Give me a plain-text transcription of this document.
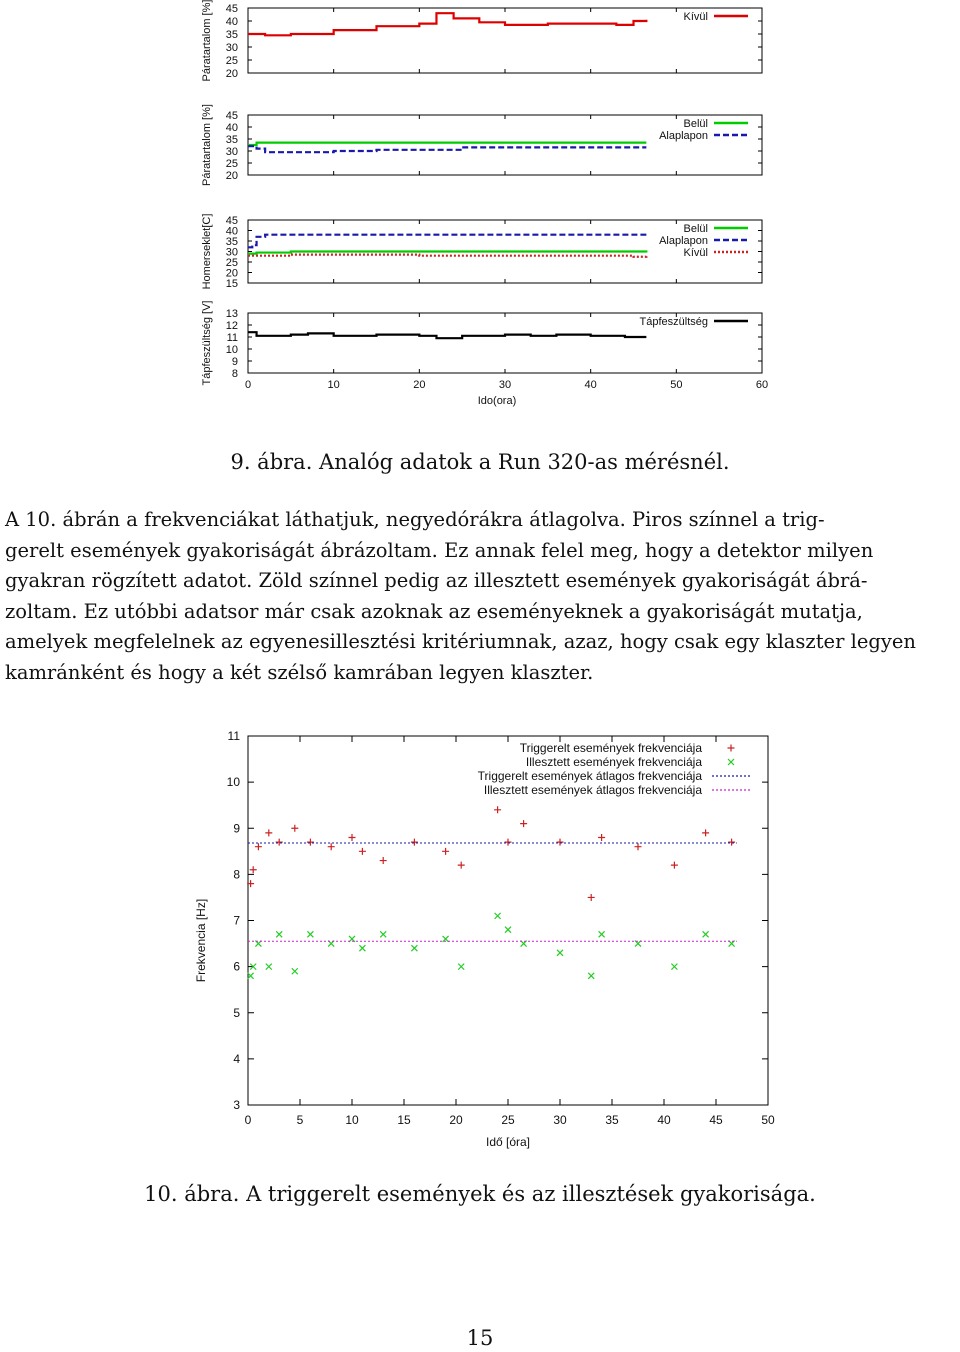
20
25
30
35
40
45
Páratartalom [%]	Kívül
20
25
30
35
40
45
Páratartalom [%]	Belül
Alaplapon
15
20
25
30
35
40
45
Homerseklet[C]	Belül
Alaplapon
Kívül
8
9
10
11
12
13
0	10	20	30	40	50	60
Ido(ora)
Tápfeszültség [V]	Tápfeszültség
9. ábra. Analóg adatok a Run 320-as mérésnél.
A 10. ábrán a frekvenciákat láthatjuk, negyedórákra átlagolva. Piros színnel a trig-
gerelt események gyakoriságát ábrázoltam. Ez annak felel meg, hogy a detektor milyen
gyakran rögzített adatot. Zöld színnel pedig az illesztett események gyakoriságát ábrá-
zoltam. Ez utóbbi adatsor már csak azoknak az eseményeknek a gyakoriságát mutatja,
amelyek megfelelnek az egyenesillesztési kritériumnak, azaz, hogy csak egy klaszter legyen
kamránként és hogy a két szélső kamrában legyen klaszter.
3
4
5
6
7
8
9
10
11
0	5	10	15	20	25	30	35	40	45	50
Idő [óra]
Frekvencia [Hz]
Triggerelt események frekvenciája
Illesztett események frekvenciája
Triggerelt események átlagos frekvenciája
Illesztett események átlagos frekvenciája
10. ábra. A triggerelt események és az illesztések gyakorisága.
15
